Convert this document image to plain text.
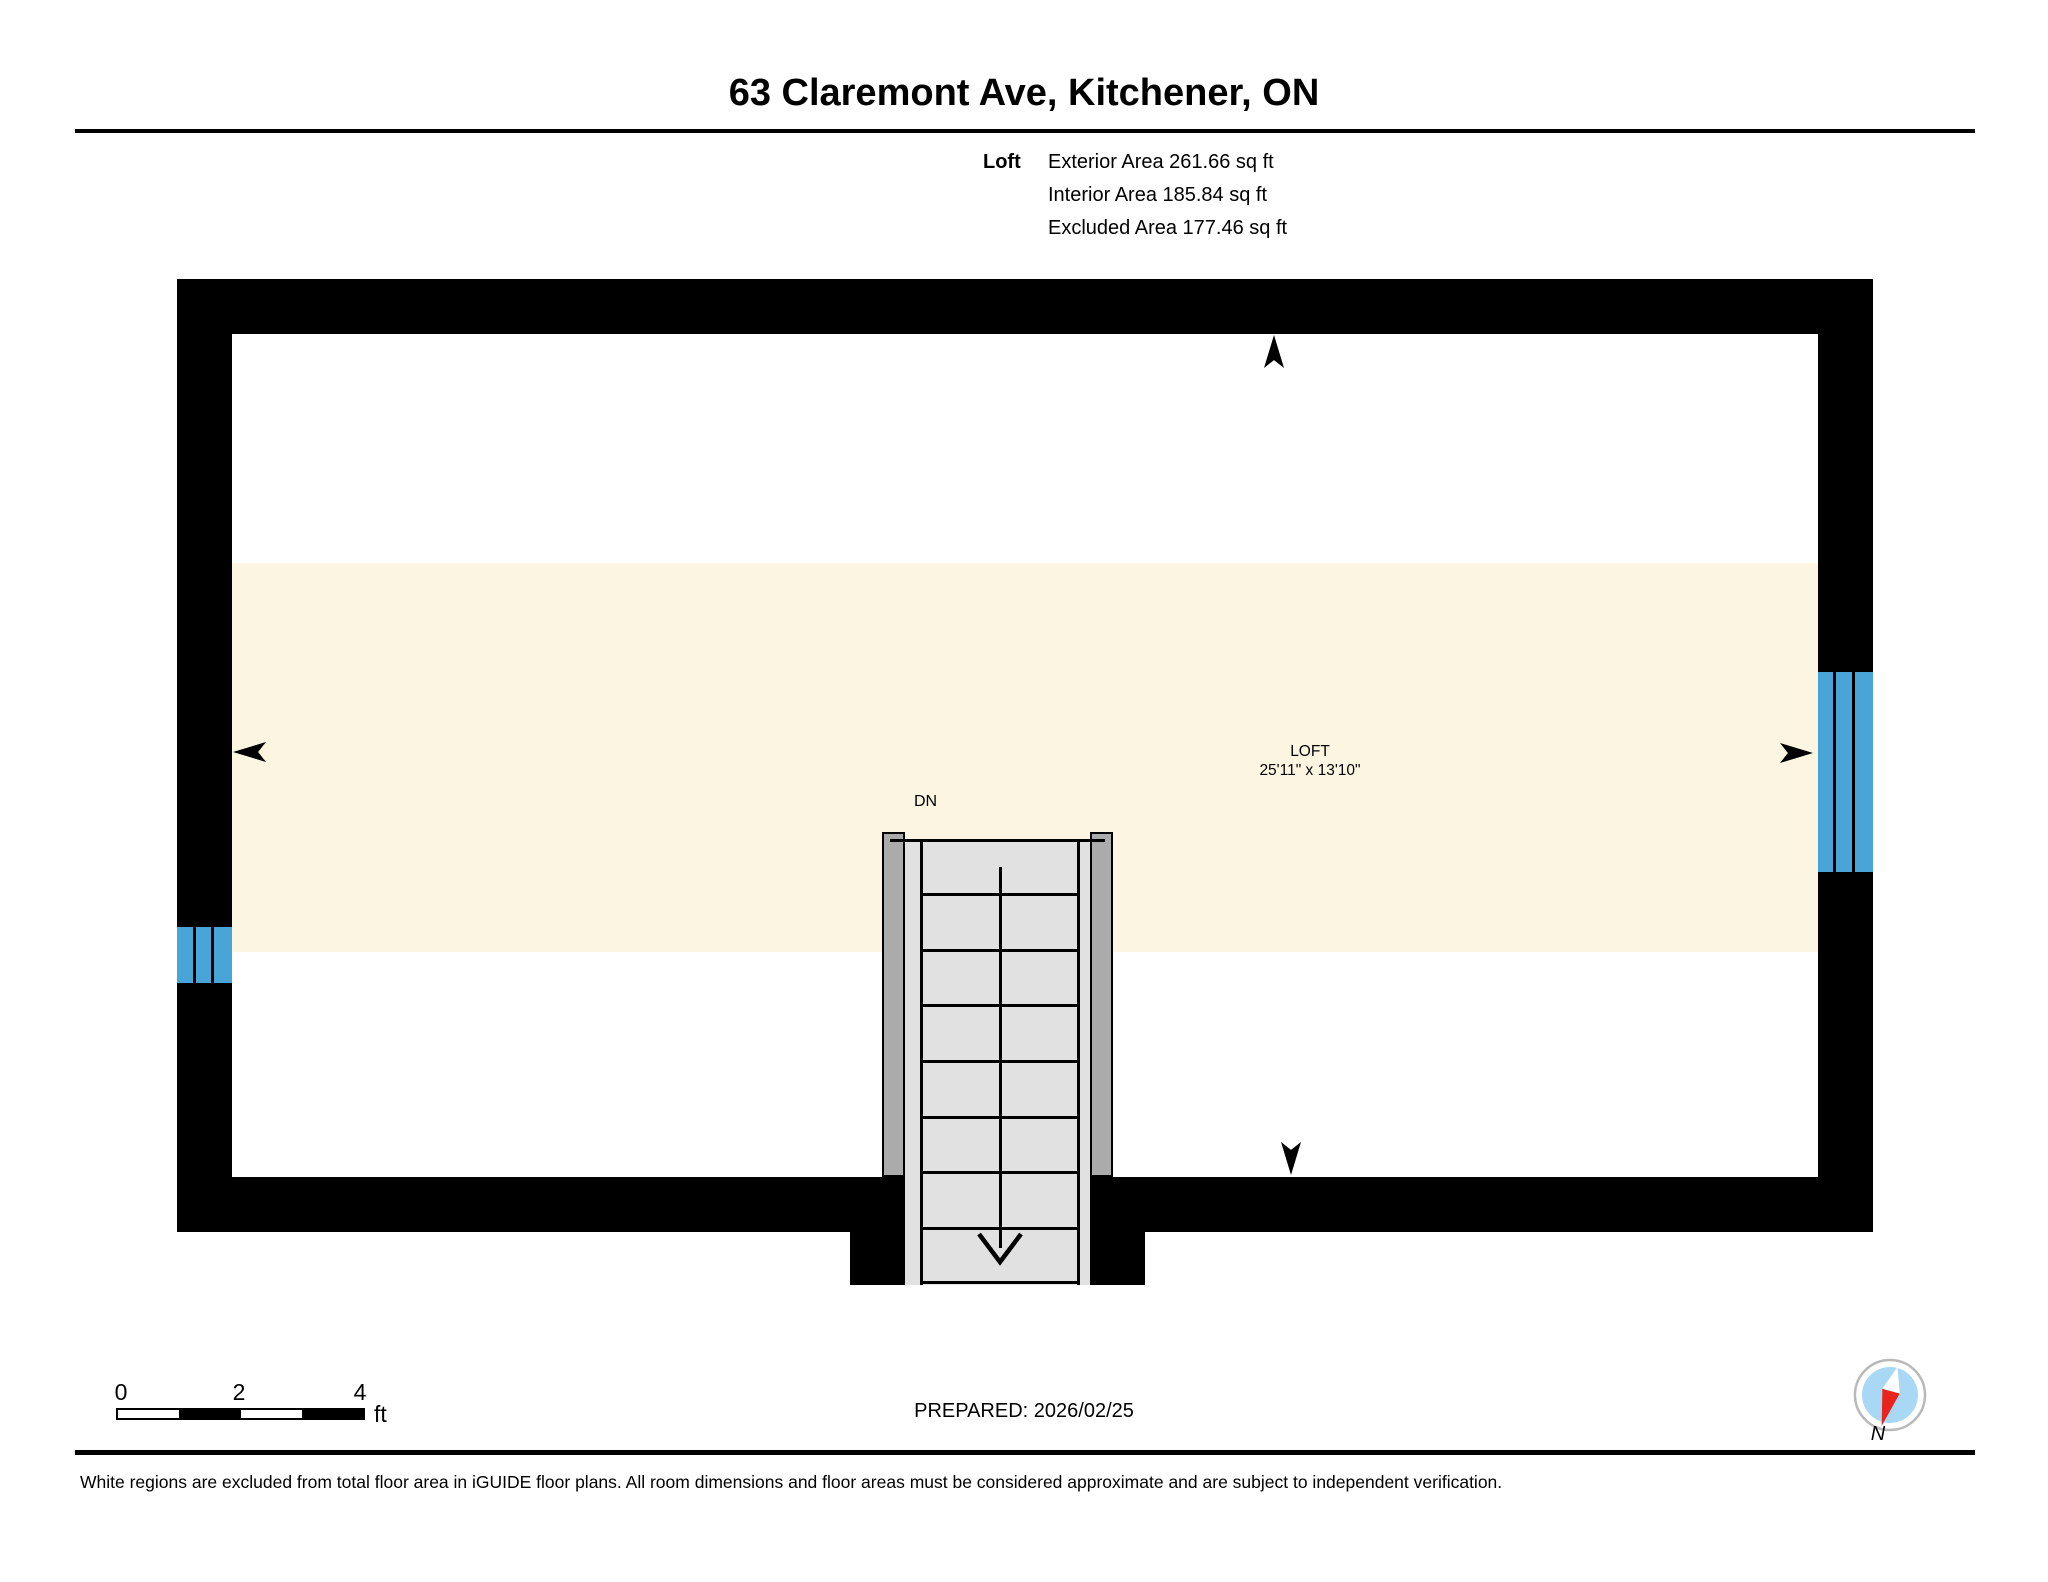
63 Claremont Ave, Kitchener, ON
Loft	Exterior Area 261.66 sq ft
Interior Area 185.84 sq ft
Excluded Area 177.46 sq ft
DN
LOFT
25'11" x 13'10"
0	2	4
ft	PREPARED: 2026/02/25
N
White regions are excluded from total floor area in iGUIDE floor plans. All room dimensions and floor areas must be considered approximate and are subject to independent verification.
